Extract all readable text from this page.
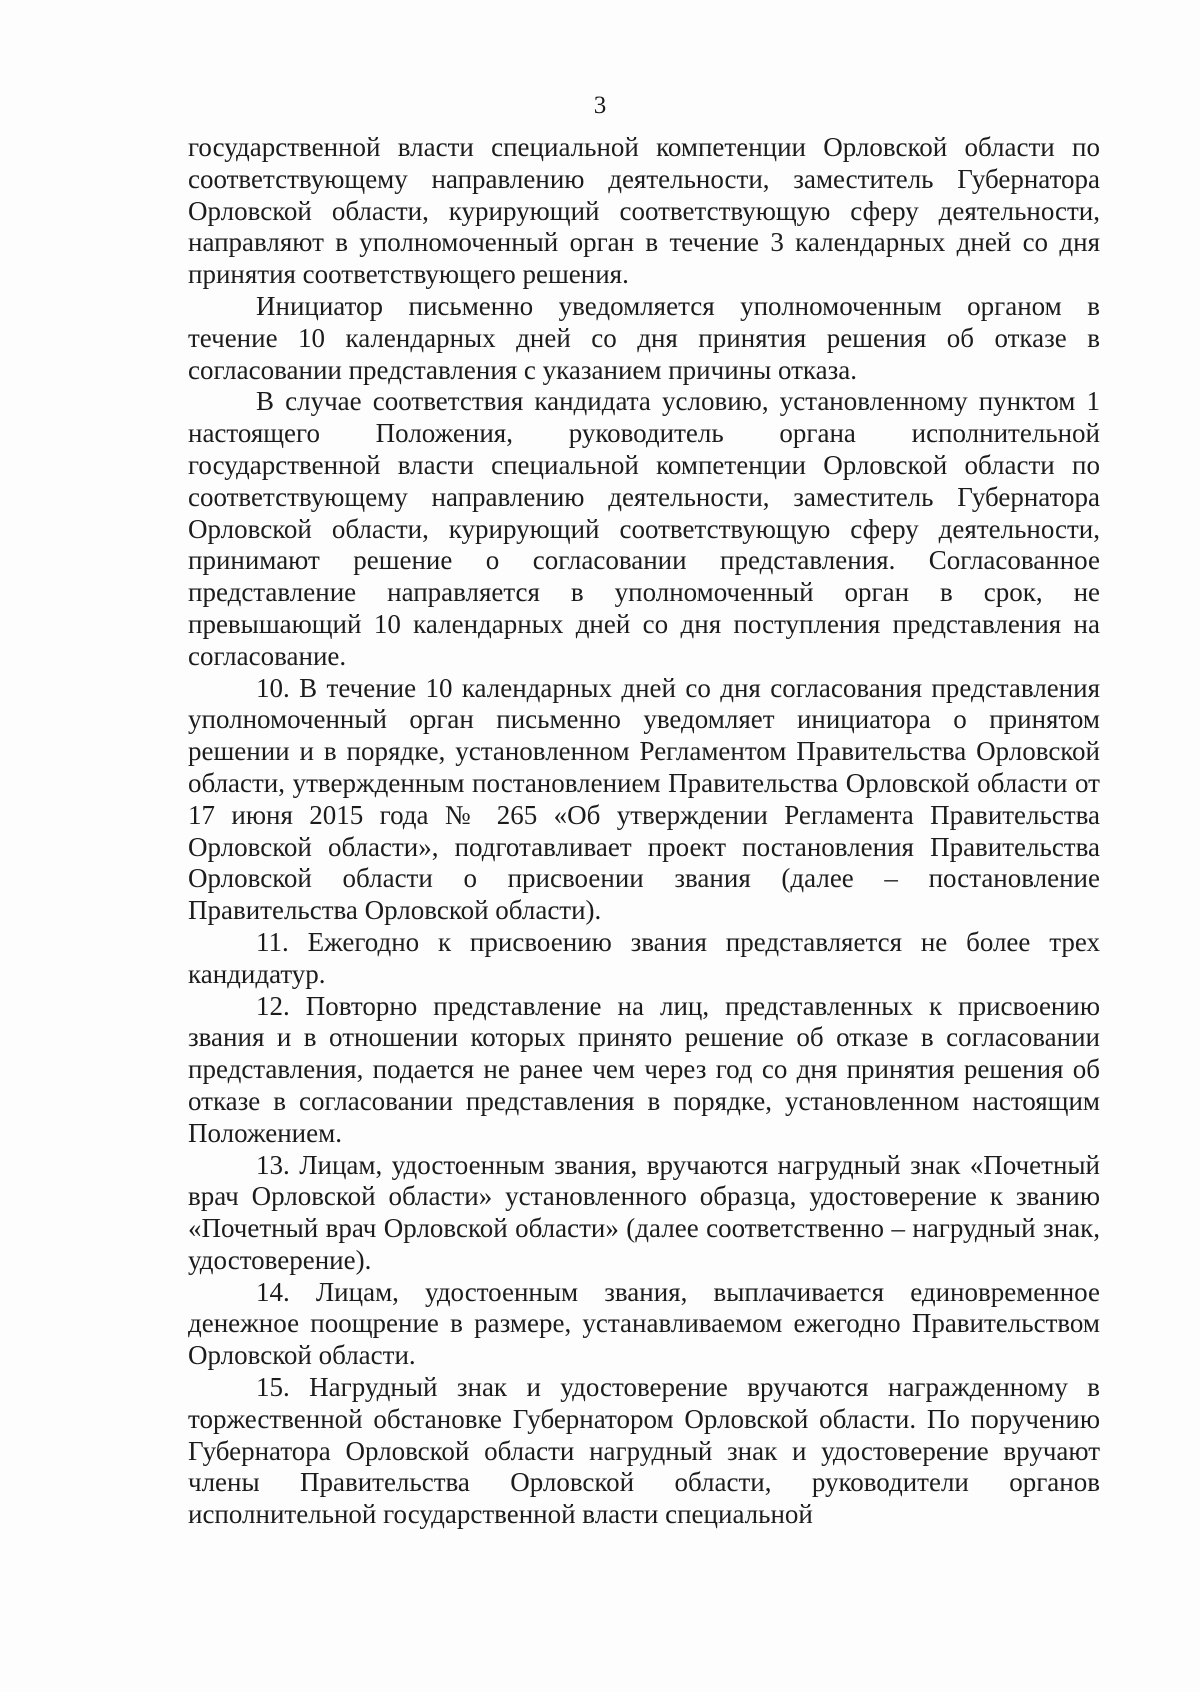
3

государственной власти специальной компетенции Орловской области по соответствующему направлению деятельности, заместитель Губернатора Орловской области, курирующий соответствующую сферу деятельности, направляют в уполномоченный орган в течение 3 календарных дней со дня принятия соответствующего решения.

Инициатор письменно уведомляется уполномоченным органом в течение 10 календарных дней со дня принятия решения об отказе в согласовании представления с указанием причины отказа.

В случае соответствия кандидата условию, установленному пунктом 1 настоящего Положения, руководитель органа исполнительной государственной власти специальной компетенции Орловской области по соответствующему направлению деятельности, заместитель Губернатора Орловской области, курирующий соответствующую сферу деятельности, принимают решение о согласовании представления. Согласованное представление направляется в уполномоченный орган в срок, не превышающий 10 календарных дней со дня поступления представления на согласование.

10. В течение 10 календарных дней со дня согласования представления уполномоченный орган письменно уведомляет инициатора о принятом решении и в порядке, установленном Регламентом Правительства Орловской области, утвержденным постановлением Правительства Орловской области от 17 июня 2015 года № 265 «Об утверждении Регламента Правительства Орловской области», подготавливает проект постановления Правительства Орловской области о присвоении звания (далее – постановление Правительства Орловской области).

11. Ежегодно к присвоению звания представляется не более трех кандидатур.

12. Повторно представление на лиц, представленных к присвоению звания и в отношении которых принято решение об отказе в согласовании представления, подается не ранее чем через год со дня принятия решения об отказе в согласовании представления в порядке, установленном настоящим Положением.

13. Лицам, удостоенным звания, вручаются нагрудный знак «Почетный врач Орловской области» установленного образца, удостоверение к званию «Почетный врач Орловской области» (далее соответственно – нагрудный знак, удостоверение).

14. Лицам, удостоенным звания, выплачивается единовременное денежное поощрение в размере, устанавливаемом ежегодно Правительством Орловской области.

15. Нагрудный знак и удостоверение вручаются награжденному в торжественной обстановке Губернатором Орловской области. По поручению Губернатора Орловской области нагрудный знак и удостоверение вручают члены Правительства Орловской области, руководители органов исполнительной государственной власти специальной
